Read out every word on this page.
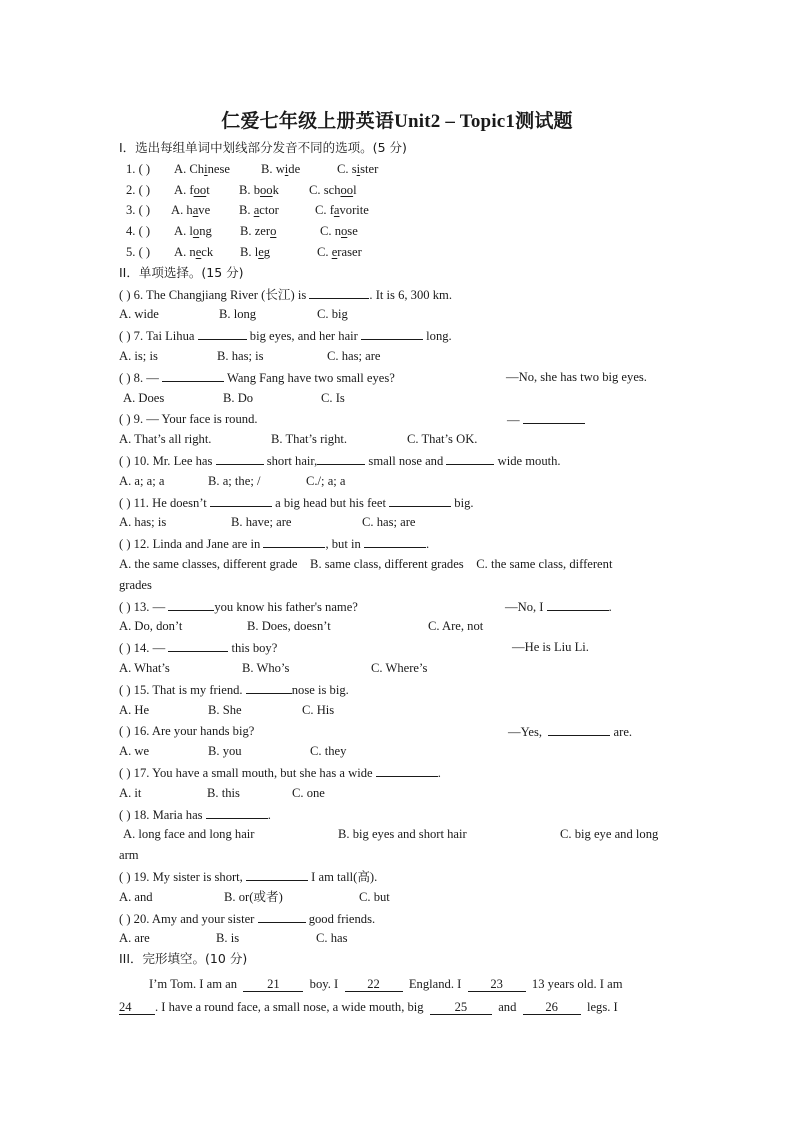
仁爱七年级上册英语Unit2 – Topic1测试题
I．选出每组单词中划线部分发音不同的选项。(5 分)
1. ( ) A. Chinese B. wide	C. sister
2. ( ) A. foot B. book C. school
3. ( ) A. have B. actor	C. favorite
4. ( ) A. long B. zero	C. nose
5. ( ) A. neck B. leg	C. eraser
II．单项选择。(15 分)
( ) 6. The Changjiang River (长江) is	. It is 6, 300 km.
A. wide	B. long	C. big
( ) 7. Tai Lihua	big eyes, and her hair	long.
A. is; is	B. has; is	C. has; are
( ) 8. —	Wang Fang have two small eyes?	—No, she has two big eyes.
A. Does	B. Do	C. Is
( ) 9. — Your face is round.	—
A. That’s all right.	B. That’s right.	C. That’s OK.
( ) 10. Mr. Lee has	short hair,	small nose and	wide mouth.
A. a; a; a	B. a; the; /	C./; a; a
( ) 11. He doesn’t	a big head but his feet	big.
A. has; is	B. have; are	C. has; are
( ) 12. Linda and Jane are in	, but in	.
A. the same classes, different grade    B. same class, different grades    C. the same class, different
grades
( ) 13. —	you know his father's name?	—No, I	.
A. Do, don’t	B. Does, doesn’t	C. Are, not
( ) 14. —	this boy?	—He is Liu Li.
A. What’s	B. Who’s	C. Where’s
( ) 15. That is my friend.	nose is big.
A. He	B. She	C. His
( ) 16. Are your hands big?	—Yes,	are.
A. we	B. you	C. they
( ) 17. You have a small mouth, but she has a wide	.
A. it	B. this	C. one
( ) 18. Maria has	.
A. long face and long hair	B. big eyes and short hair	C. big eye and long
arm
( ) 19. My sister is short,	I am tall(高).
A. and	B. or(或者)	C. but
( ) 20. Amy and your sister	good friends.
A. are	B. is	C. has
III．完形填空。(10 分)
I’m Tom. I am an 21 boy. I 22 England. I 23 13 years old. I am
24 . I have a round face, a small nose, a wide mouth, big 25 and 26 legs. I
